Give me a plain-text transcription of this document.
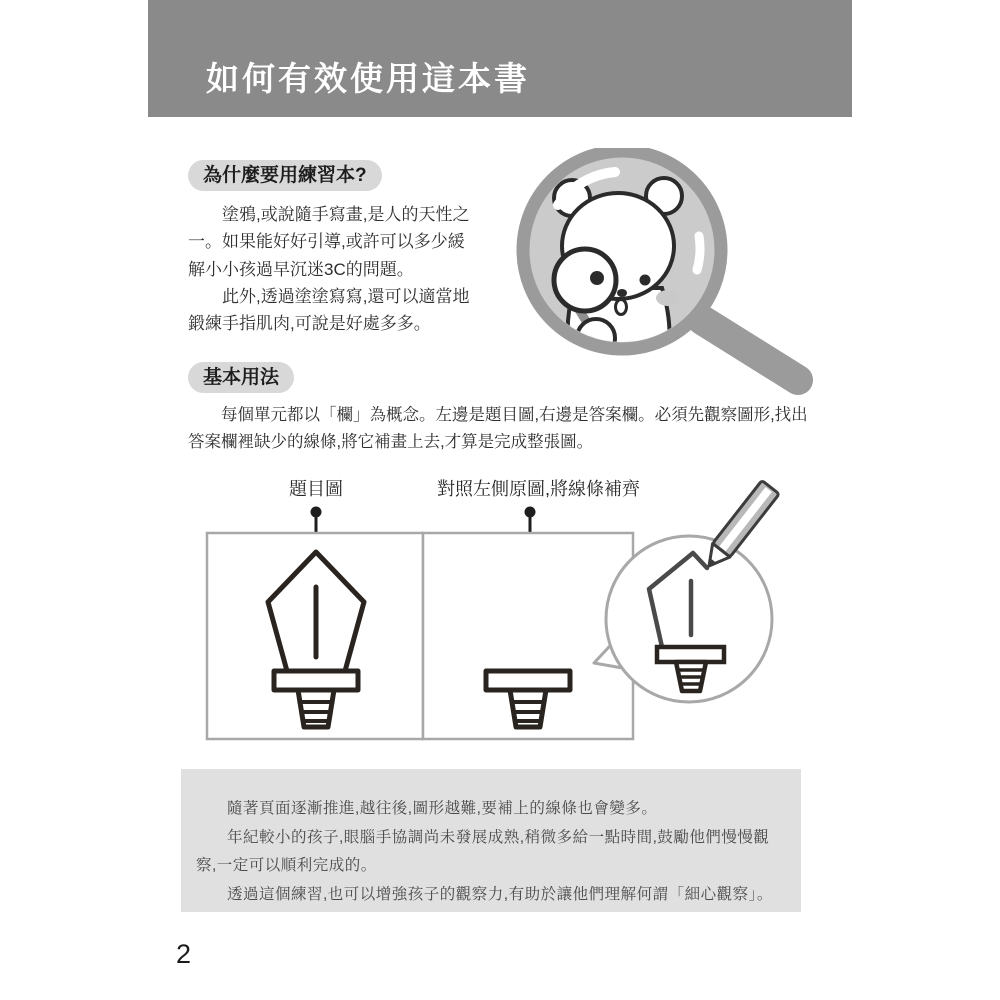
如何有效使用這本書
為什麼要用練習本?

塗鴉,或說隨手寫畫,是人的天性之一。如果能好好引導,或許可以多少緩解小小孩過早沉迷3C的問題。

此外,透過塗塗寫寫,還可以適當地鍛練手指肌肉,可說是好處多多。

基本用法

每個單元都以「欄」為概念。左邊是題目圖,右邊是答案欄。必須先觀察圖形,找出答案欄裡缺少的線條,將它補畫上去,才算是完成整張圖。

題目圖	對照左側原圖,將線條補齊

隨著頁面逐漸推進,越往後,圖形越難,要補上的線條也會變多。

年紀較小的孩子,眼腦手協調尚未發展成熟,稍微多給一點時間,鼓勵他們慢慢觀察,一定可以順利完成的。

透過這個練習,也可以增強孩子的觀察力,有助於讓他們理解何謂「細心觀察」。

2
